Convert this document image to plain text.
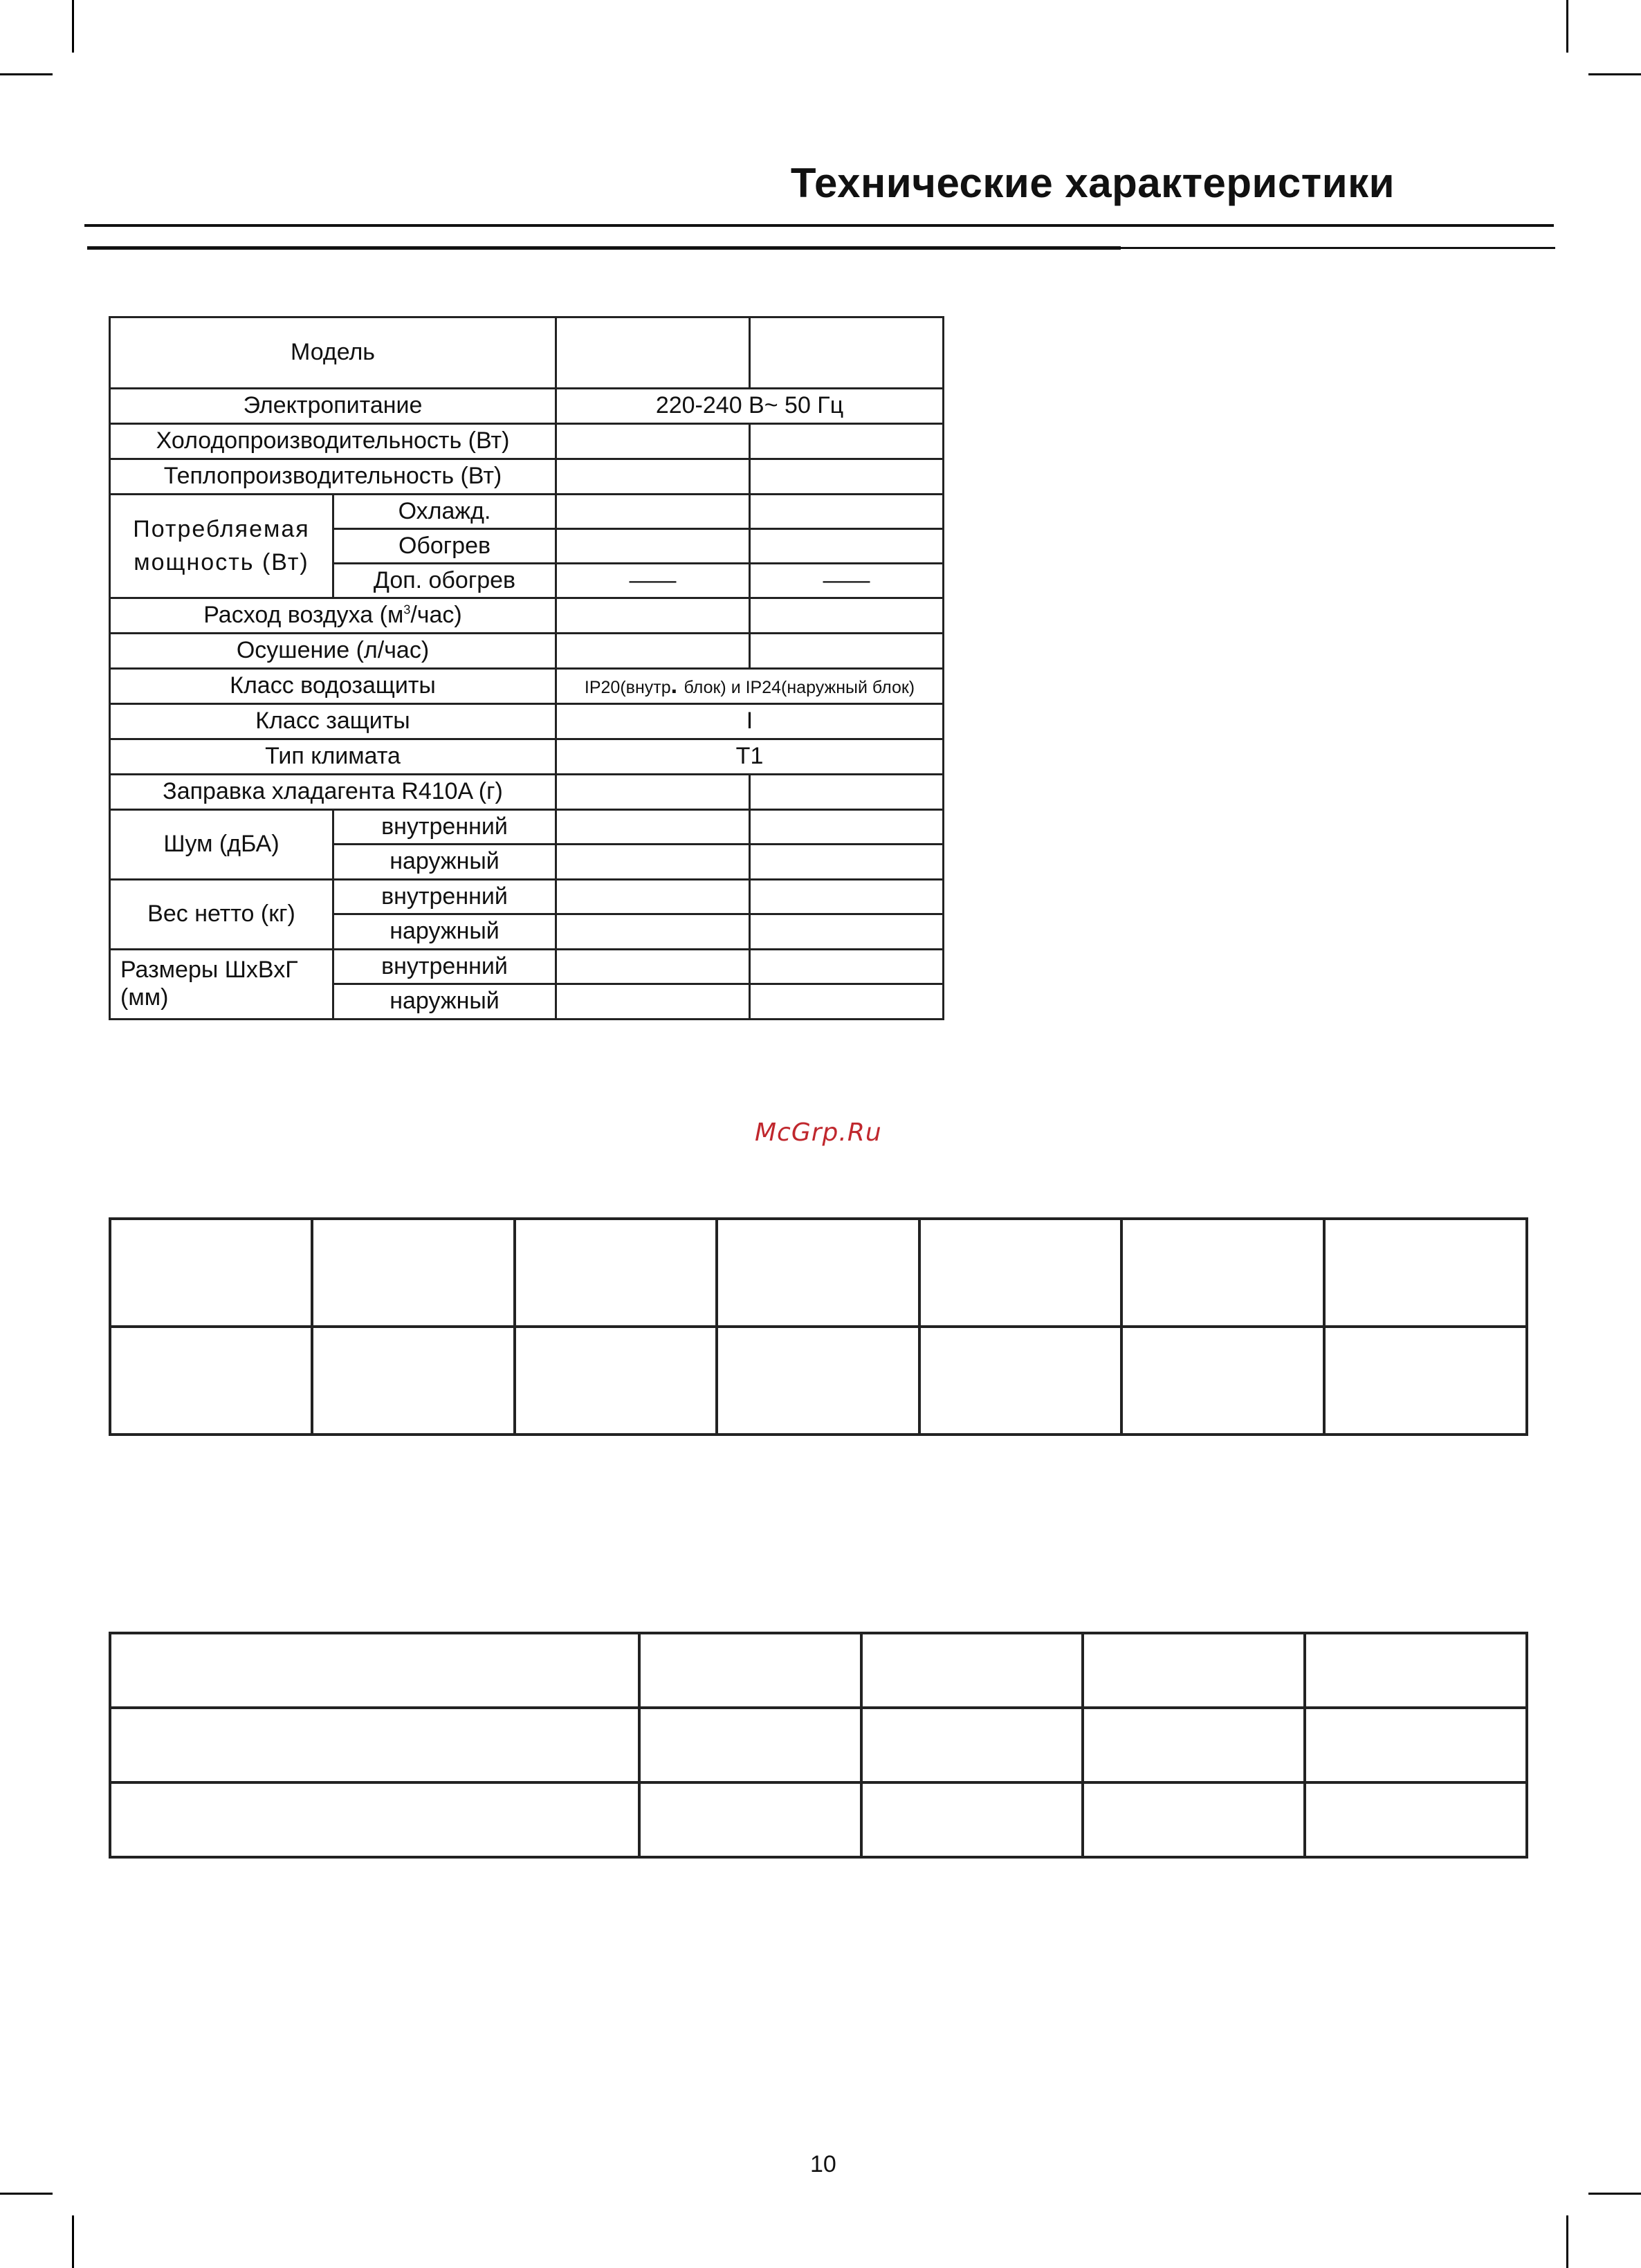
Технические характеристики
Модель			
Электропитание		220-240 В~ 50 Гц	
Холодопроизводительность (Вт)			
Теплопроизводительность (Вт)			

Потребляемая
мощность (Вт)	Охлажд.		
	Обогрев		
	Доп. обогрев	——	——
Расход воздуха $(м^3/час)$			
Осушение (л/час)			
Класс водозащиты		IP20(внутр. блок) и IP24(наружный блок)	
Класс защиты		I	
Тип климата		T1	
Заправка хладагента R410A (г)			
Шум (дБА)	внутренний		
	наружный		
Вес нетто (кг)	внутренний		
	наружный		

Размеры ШхВхГ
(мм)	внутренний		
	наружный		
McGrp.Ru

10
